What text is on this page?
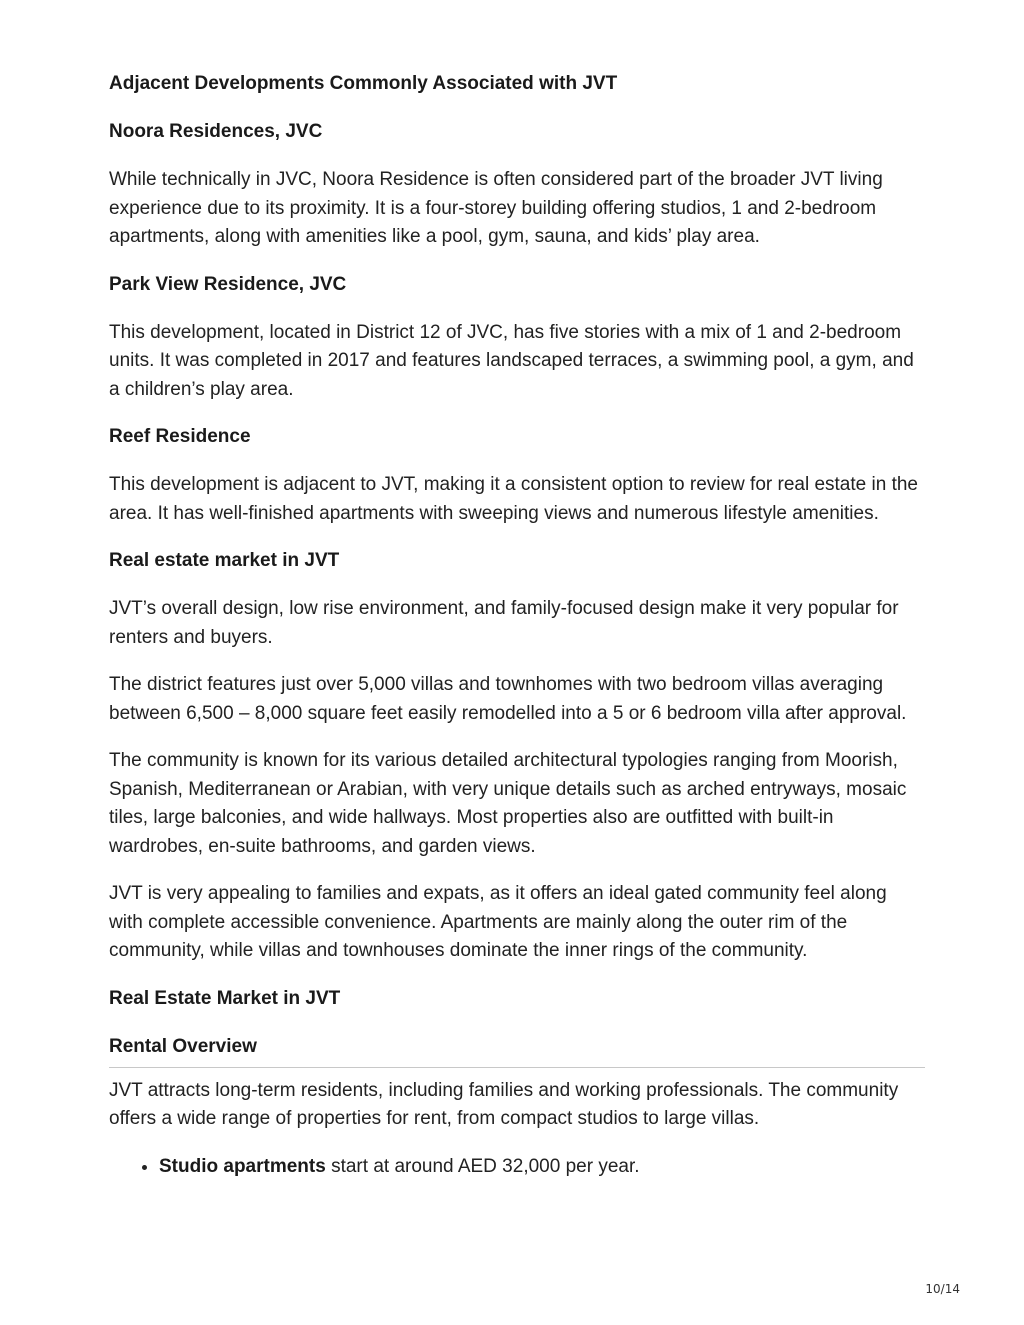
Adjacent Developments Commonly Associated with JVT
Noora Residences, JVC
While technically in JVC, Noora Residence is often considered part of the broader JVT living experience due to its proximity. It is a four-storey building offering studios, 1 and 2-bedroom apartments, along with amenities like a pool, gym, sauna, and kids’ play area.
Park View Residence, JVC
This development, located in District 12 of JVC, has five stories with a mix of 1 and 2-bedroom units. It was completed in 2017 and features landscaped terraces, a swimming pool, a gym, and a children’s play area.
Reef Residence
This development is adjacent to JVT, making it a consistent option to review for real estate in the area. It has well-finished apartments with sweeping views and numerous lifestyle amenities.
Real estate market in JVT
JVT’s overall design, low rise environment, and family-focused design make it very popular for renters and buyers.
The district features just over 5,000 villas and townhomes with two bedroom villas averaging between 6,500 – 8,000 square feet easily remodelled into a 5 or 6 bedroom villa after approval.
The community is known for its various detailed architectural typologies ranging from Moorish, Spanish, Mediterranean or Arabian, with very unique details such as arched entryways, mosaic tiles, large balconies, and wide hallways. Most properties also are outfitted with built-in wardrobes, en-suite bathrooms, and garden views.
JVT is very appealing to families and expats, as it offers an ideal gated community feel along with complete accessible convenience. Apartments are mainly along the outer rim of the community, while villas and townhouses dominate the inner rings of the community.
Real Estate Market in JVT
Rental Overview
JVT attracts long-term residents, including families and working professionals. The community offers a wide range of properties for rent, from compact studios to large villas.
• Studio apartments start at around AED 32,000 per year.
10/14
